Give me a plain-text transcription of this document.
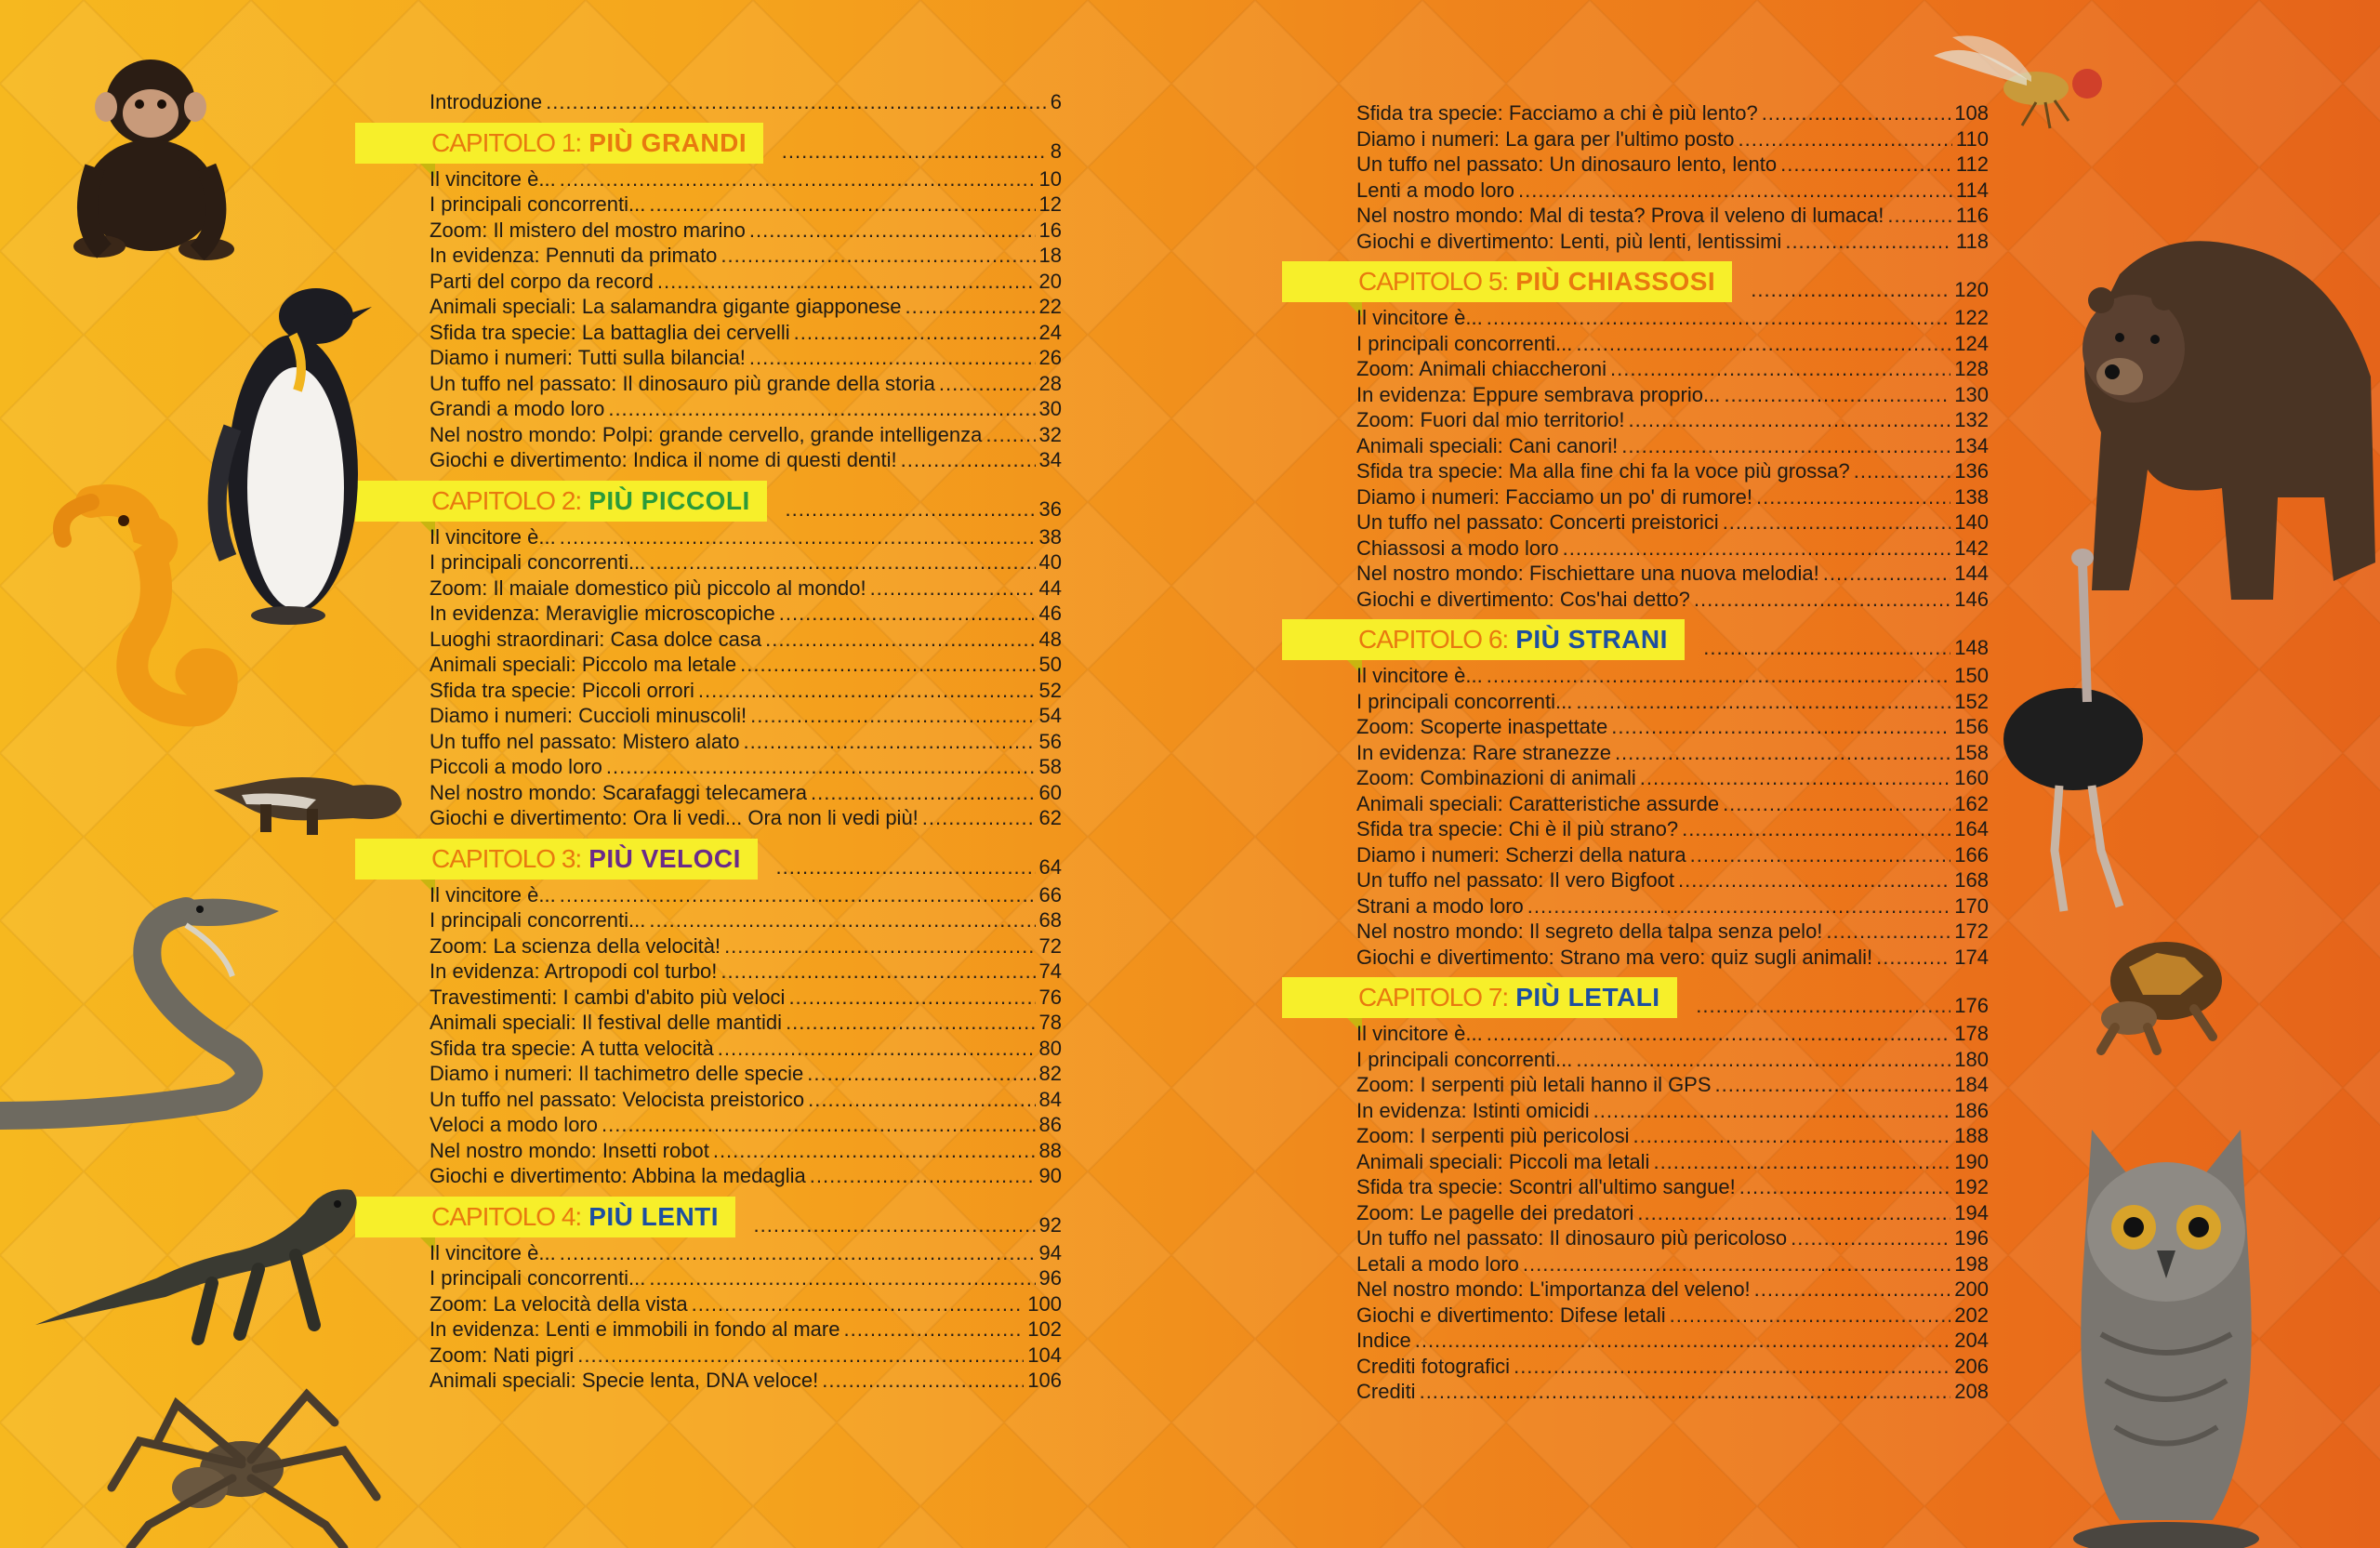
Introduzione .....	6
CAPITOLO 1: PIÙ GRANDI .....	8
Il vincitore è... .....	10
I principali concorrenti... .....	12
Zoom: Il mistero del mostro marino .....	16
In evidenza: Pennuti da primato .....	18
Parti del corpo da record .....	20
Animali speciali: La salamandra gigante giapponese .....	22
Sfida tra specie: La battaglia dei cervelli .....	24
Diamo i numeri: Tutti sulla bilancia! .....	26
Un tuffo nel passato: Il dinosauro più grande della storia .....	28
Grandi a modo loro .....	30
Nel nostro mondo: Polpi: grande cervello, grande intelligenza .....	32
Giochi e divertimento: Indica il nome di questi denti! .....	34
CAPITOLO 2: PIÙ PICCOLI .....	36
Il vincitore è... .....	38
I principali concorrenti... .....	40
Zoom: Il maiale domestico più piccolo al mondo! .....	44
In evidenza: Meraviglie microscopiche .....	46
Luoghi straordinari: Casa dolce casa .....	48
Animali speciali: Piccolo ma letale .....	50
Sfida tra specie: Piccoli orrori .....	52
Diamo i numeri: Cuccioli minuscoli! .....	54
Un tuffo nel passato: Mistero alato .....	56
Piccoli a modo loro .....	58
Nel nostro mondo: Scarafaggi telecamera .....	60
Giochi e divertimento: Ora li vedi... Ora non li vedi più! .....	62
CAPITOLO 3: PIÙ VELOCI .....	64
Il vincitore è... .....	66
I principali concorrenti... .....	68
Zoom: La scienza della velocità! .....	72
In evidenza: Artropodi col turbo! .....	74
Travestimenti: I cambi d'abito più veloci .....	76
Animali speciali: Il festival delle mantidi .....	78
Sfida tra specie: A tutta velocità .....	80
Diamo i numeri: Il tachimetro delle specie .....	82
Un tuffo nel passato: Velocista preistorico .....	84
Veloci a modo loro .....	86
Nel nostro mondo: Insetti robot .....	88
Giochi e divertimento: Abbina la medaglia .....	90
CAPITOLO 4: PIÙ LENTI .....	92
Il vincitore è... .....	94
I principali concorrenti... .....	96
Zoom: La velocità della vista .....	100
In evidenza: Lenti e immobili in fondo al mare .....	102
Zoom: Nati pigri .....	104
Animali speciali: Specie lenta, DNA veloce! .....	106
Sfida tra specie: Facciamo a chi è più lento? .....	108
Diamo i numeri: La gara per l'ultimo posto .....	110
Un tuffo nel passato: Un dinosauro lento, lento .....	112
Lenti a modo loro .....	114
Nel nostro mondo: Mal di testa? Prova il veleno di lumaca! .....	116
Giochi e divertimento: Lenti, più lenti, lentissimi .....	118
CAPITOLO 5: PIÙ CHIASSOSI .....	120
Il vincitore è... .....	122
I principali concorrenti... .....	124
Zoom: Animali chiaccheroni .....	128
In evidenza: Eppure sembrava proprio... .....	130
Zoom: Fuori dal mio territorio! .....	132
Animali speciali: Cani canori! .....	134
Sfida tra specie: Ma alla fine chi fa la voce più grossa? .....	136
Diamo i numeri: Facciamo un po' di rumore! .....	138
Un tuffo nel passato: Concerti preistorici .....	140
Chiassosi a modo loro .....	142
Nel nostro mondo: Fischiettare una nuova melodia! .....	144
Giochi e divertimento: Cos'hai detto? .....	146
CAPITOLO 6: PIÙ STRANI .....	148
Il vincitore è... .....	150
I principali concorrenti... .....	152
Zoom: Scoperte inaspettate .....	156
In evidenza: Rare stranezze .....	158
Zoom: Combinazioni di animali .....	160
Animali speciali: Caratteristiche assurde .....	162
Sfida tra specie: Chi è il più strano? .....	164
Diamo i numeri: Scherzi della natura .....	166
Un tuffo nel passato: Il vero Bigfoot .....	168
Strani a modo loro .....	170
Nel nostro mondo: Il segreto della talpa senza pelo! .....	172
Giochi e divertimento: Strano ma vero: quiz sugli animali! .....	174
CAPITOLO 7: PIÙ LETALI .....	176
Il vincitore è... .....	178
I principali concorrenti... .....	180
Zoom: I serpenti più letali hanno il GPS .....	184
In evidenza: Istinti omicidi .....	186
Zoom: I serpenti più pericolosi .....	188
Animali speciali: Piccoli ma letali .....	190
Sfida tra specie: Scontri all'ultimo sangue! .....	192
Zoom: Le pagelle dei predatori .....	194
Un tuffo nel passato: Il dinosauro più pericoloso .....	196
Letali a modo loro .....	198
Nel nostro mondo: L'importanza del veleno! .....	200
Giochi e divertimento: Difese letali .....	202
Indice .....	204
Crediti fotografici .....	206
Crediti .....	208
